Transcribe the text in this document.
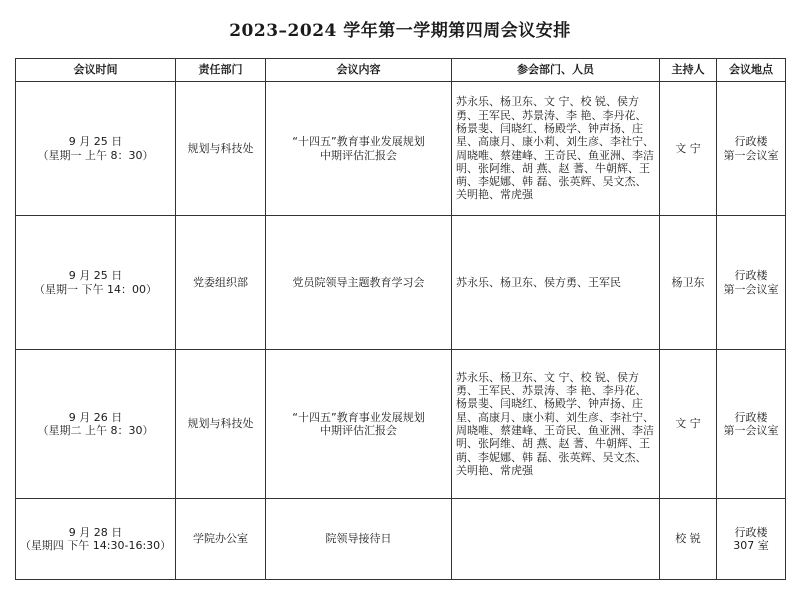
2023–2024 学年第一学期第四周会议安排
会议时间	责任部门	会议内容	参会部门、人员	主持人	会议地点

9 月 25 日
（星期一 上午 8：30）	规划与科技处	“十四五”教育事业发展规划
中期评估汇报会	苏永乐、杨卫东、文 宁、校 锐、侯方勇、王军民、苏景涛、李 艳、李丹花、杨景斐、闫晓红、杨殿学、钟声扬、庄 星、高康月、康小莉、刘生彦、李社宁、周晓唯、蔡建峰、王奇民、鱼亚洲、李洁明、张阿维、胡 燕、赵 蓍、牛朝辉、王 萌、李妮娜、韩 磊、张英辉、吴文杰、关明艳、常虎强	文 宁	行政楼
第一会议室

9 月 25 日
（星期一 下午 14：00）	党委组织部	党员院领导主题教育学习会	苏永乐、杨卫东、侯方勇、王军民	杨卫东	行政楼
第一会议室

9 月 26 日
（星期二 上午 8：30）	规划与科技处	“十四五”教育事业发展规划
中期评估汇报会	苏永乐、杨卫东、文 宁、校 锐、侯方勇、王军民、苏景涛、李 艳、李丹花、杨景斐、闫晓红、杨殿学、钟声扬、庄 星、高康月、康小莉、刘生彦、李社宁、周晓唯、蔡建峰、王奇民、鱼亚洲、李洁明、张阿维、胡 燕、赵 蓍、牛朝辉、王 萌、李妮娜、韩 磊、张英辉、吴文杰、关明艳、常虎强	文 宁	行政楼
第一会议室

9 月 28 日
（星期四 下午 14:30-16:30）	学院办公室	院领导接待日		校 锐	行政楼
307 室
